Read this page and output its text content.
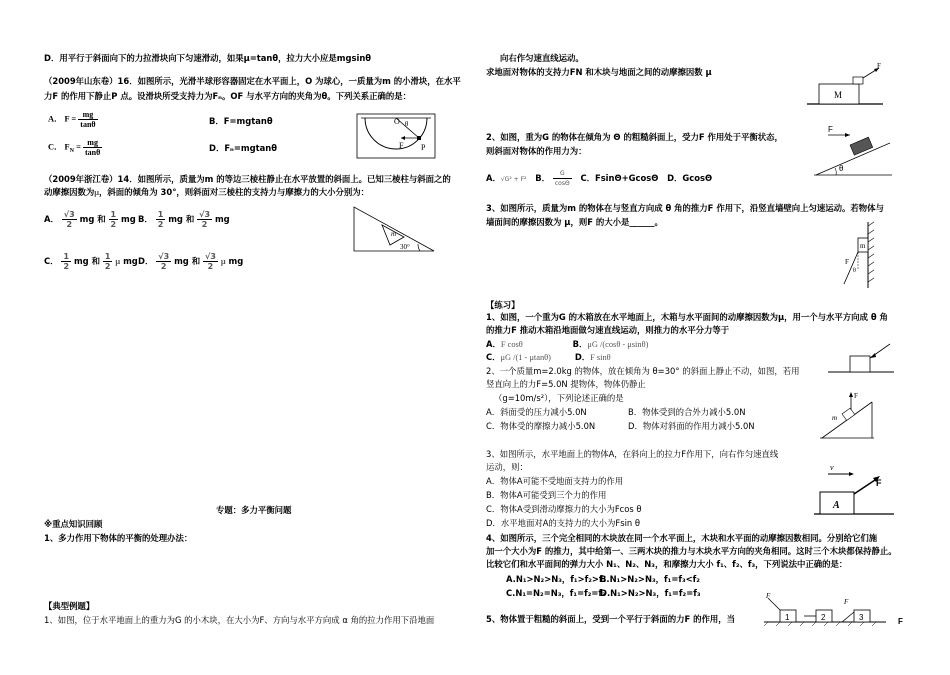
D．用平行于斜面向下的力拉滑块向下匀速滑动，如果μ=tanθ，拉力大小应是mgsinθ
（2009年山东卷）16．如图所示，光滑半球形容器固定在水平面上，O 为球心，一质量为m 的小滑块，在水平
力F 的作用下静止P 点。设滑块所受支持力为Fₙ。OF 与水平方向的夹角为θ。下列关系正确的是：
A． $F = \frac{mg}{\tan\theta}$	B．F=mgtanθ
C． $F_N = \frac{mg}{\tan\theta}$	D．Fₙ=mgtanθ
（2009年浙江卷）14．如图所示，质量为m 的等边三棱柱静止在水平放置的斜面上。已知三棱柱与斜面之的
动摩擦因数为μ，斜面的倾角为 30°，则斜面对三棱柱的支持力与摩擦力的大小分别为：
A． $\frac{√3}{2}$ mg 和 $\frac{1}{2}$ mg B． $\frac{1}{2}$ mg 和 $\frac{√3}{2}$ mg
C． $\frac{1}{2}$ mg 和 $\frac{1}{2}$ μ mg D． $\frac{√3}{2}$ mg 和 $\frac{√3}{2}$ μ mg
专题：多力平衡问题
※重点知识回顾
1、多力作用下物体的平衡的处理办法：
【典型例题】
1、如图，位于水平地面上的重力为G 的小木块，在大小为F、方向与水平方向成 α 角的拉力作用下沿地面
O θ
F P
m
30°
向右作匀速直线运动。
求地面对物体的支持力FN 和木块与地面之间的动摩擦因数 μ
2、如图，重为G 的物体在倾角为 Θ 的粗糙斜面上，受力F 作用处于平衡状态，
则斜面对物体的作用力为：
A．√G² + F² B． $\frac{G}{\cos\Theta}$ C．FsinΘ+GcosΘ D．GcosΘ
3、如图所示，质量为m 的物体在与竖直方向成 θ 角的推力F 作用下，沿竖直墙壁向上匀速运动。若物体与
墙面间的摩擦因数为 μ，则F 的大小是______。
【练习】
1、如图，一个重为G 的木箱放在水平地面上，木箱与水平面间的动摩擦因数为μ，用一个与水平方向成 θ 角
的推力F 推动木箱沿地面做匀速直线运动，则推力的水平分力等于
A．F cosθ	B．μG /(cosθ - μsinθ)
C．μG /(1 - μtanθ)	D．F sinθ
2、一个质量m=2.0kg 的物体，放在倾角为 θ=30° 的斜面上静止不动，如图，若用
竖直向上的力F=5.0N 提物体，物体仍静止
（g=10m/s²），下列论述正确的是
A．斜面受的压力减小5.0N	B．物体受到的合外力减小5.0N
C．物体受的摩擦力减小5.0N	D．物体对斜面的作用力减小5.0N
3、如图所示，水平地面上的物体A，在斜向上的拉力F作用下，向右作匀速直线
运动，则：
A．物体A可能不受地面支持力的作用
B．物体A可能受到三个力的作用
C．物体A受到滑动摩擦力的大小为Fcos θ
D．水平地面对A的支持力的大小为Fsin θ
4、如图所示，三个完全相同的木块放在同一个水平面上，木块和水平面的动摩擦因数相同。分别给它们施
加一个大小为F 的推力，其中给第一、三两木块的推力与木块水平方向的夹角相同。这时三个木块都保持静止。
比较它们和水平面间的弹力大小 N₁、N₂、N₃，和摩擦力大小 f₁、f₂、f₃，下列说法中正确的是：
A.N₁>N₂>N₃，f₁>f₂>f₃
B.N₁>N₂>N₃，f₁=f₃<f₂
C.N₁=N₂=N₃，f₁=f₂=f₃
D.N₁>N₂>N₃，f₁=f₂=f₃
5、物体置于粗糙的斜面上，受到一个平行于斜面的力F 的作用，当
M
F
F
θ
m
F
θ
F
m
v
A
F
1
F
2	3
F
F
